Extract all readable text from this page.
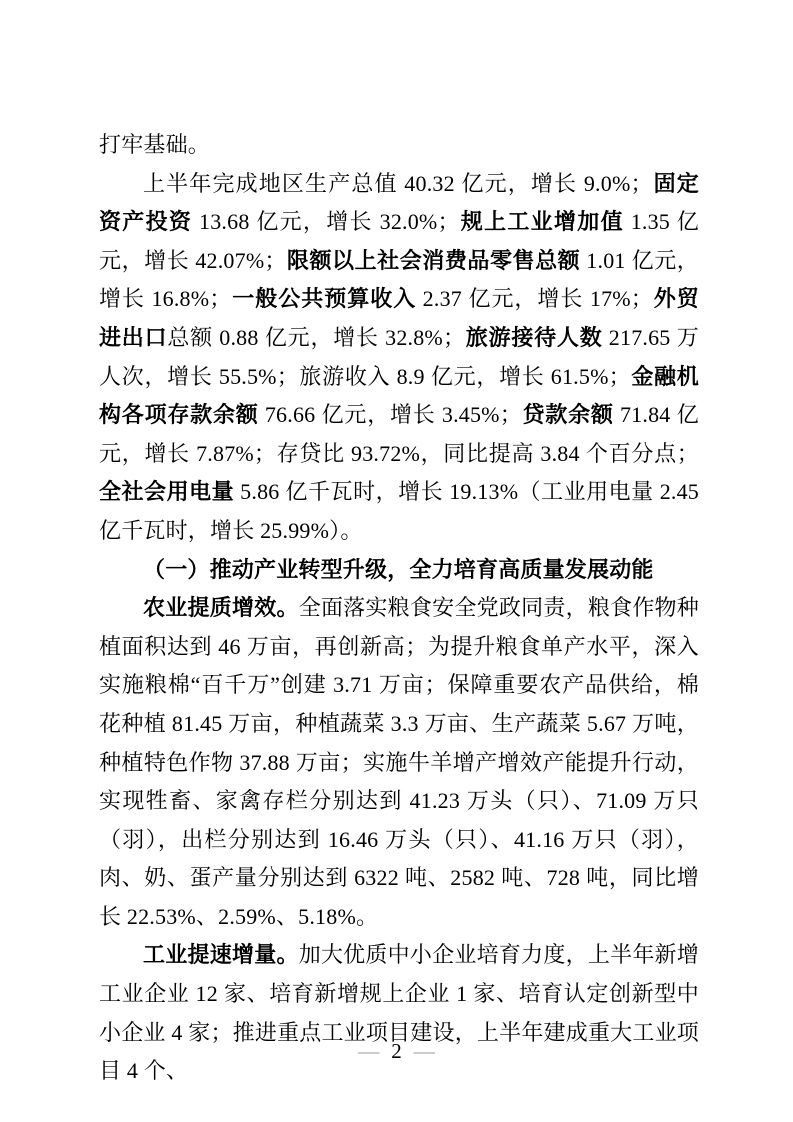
打牢基础。

上半年完成地区生产总值 40.32 亿元，增长 9.0%；固定资产投资 13.68 亿元，增长 32.0%；规上工业增加值 1.35 亿元，增长 42.07%；限额以上社会消费品零售总额 1.01 亿元，增长 16.8%；一般公共预算收入 2.37 亿元，增长 17%；外贸进出口总额 0.88 亿元，增长 32.8%；旅游接待人数 217.65 万人次，增长 55.5%；旅游收入 8.9 亿元，增长 61.5%；金融机构各项存款余额 76.66 亿元，增长 3.45%；贷款余额 71.84 亿元，增长 7.87%；存贷比 93.72%，同比提高 3.84 个百分点；全社会用电量 5.86 亿千瓦时，增长 19.13%（工业用电量 2.45 亿千瓦时，增长 25.99%）。

（一）推动产业转型升级，全力培育高质量发展动能

农业提质增效。全面落实粮食安全党政同责，粮食作物种植面积达到 46 万亩，再创新高；为提升粮食单产水平，深入实施粮棉“百千万”创建 3.71 万亩；保障重要农产品供给，棉花种植 81.45 万亩，种植蔬菜 3.3 万亩、生产蔬菜 5.67 万吨，种植特色作物 37.88 万亩；实施牛羊增产增效产能提升行动，实现牲畜、家禽存栏分别达到 41.23 万头（只）、71.09 万只（羽），出栏分别达到 16.46 万头（只）、41.16 万只（羽），肉、奶、蛋产量分别达到 6322 吨、2582 吨、728 吨，同比增长 22.53%、2.59%、5.18%。

工业提速增量。加大优质中小企业培育力度，上半年新增工业企业 12 家、培育新增规上企业 1 家、培育认定创新型中小企业 4 家；推进重点工业项目建设，上半年建成重大工业项目 4 个、

— 2 —
